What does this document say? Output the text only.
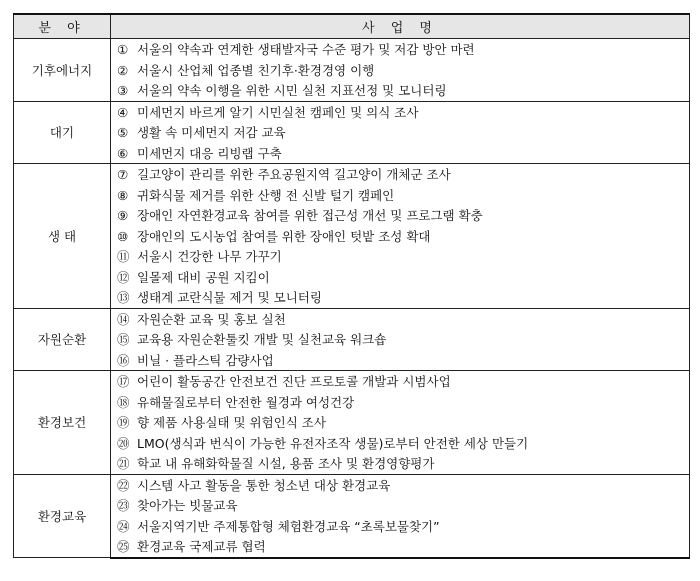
분 야	사 업 명
기후에너지	① 서울의 약속과 연계한 생태발자국 수준 평가 및 저감 방안 마련
	② 서울시 산업체 업종별 친기후·환경경영 이행
	③ 서울의 약속 이행을 위한 시민 실천 지표선정 및 모니터링
대기	④ 미세먼지 바르게 알기 시민실천 캠페인 및 의식 조사
	⑤ 생활 속 미세먼지 저감 교육
	⑥ 미세먼지 대응 리빙랩 구축
생 태	⑦ 길고양이 관리를 위한 주요공원지역 길고양이 개체군 조사
	⑧ 귀화식물 제거를 위한 산행 전 신발 털기 캠페인
	⑨ 장애인 자연환경교육 참여를 위한 접근성 개선 및 프로그램 확충
	⑩ 장애인의 도시농업 참여를 위한 장애인 텃밭 조성 확대
	⑪ 서울시 건강한 나무 가꾸기
	⑫ 일몰제 대비 공원 지킴이
	⑬ 생태계 교란식물 제거 및 모니터링
자원순환	⑭ 자원순환 교육 및 홍보 실천
	⑮ 교육용 자원순환툴킷 개발 및 실천교육 워크숍
	⑯ 비닐 · 플라스틱 감량사업
환경보건	⑰ 어린이 활동공간 안전보건 진단 프로토콜 개발과 시범사업
	⑱ 유해물질로부터 안전한 월경과 여성건강
	⑲ 향 제품 사용실태 및 위험인식 조사
	⑳ LMO(생식과 번식이 가능한 유전자조작 생물)로부터 안전한 세상 만들기
	㉑ 학교 내 유해화학물질 시설, 용품 조사 및 환경영향평가
환경교육	㉒ 시스템 사고 활동을 통한 청소년 대상 환경교육
	㉓ 찾아가는 빗물교육
	㉔ 서울지역기반 주제통합형 체험환경교육 “초록보물찾기”
	㉕ 환경교육 국제교류 협력
